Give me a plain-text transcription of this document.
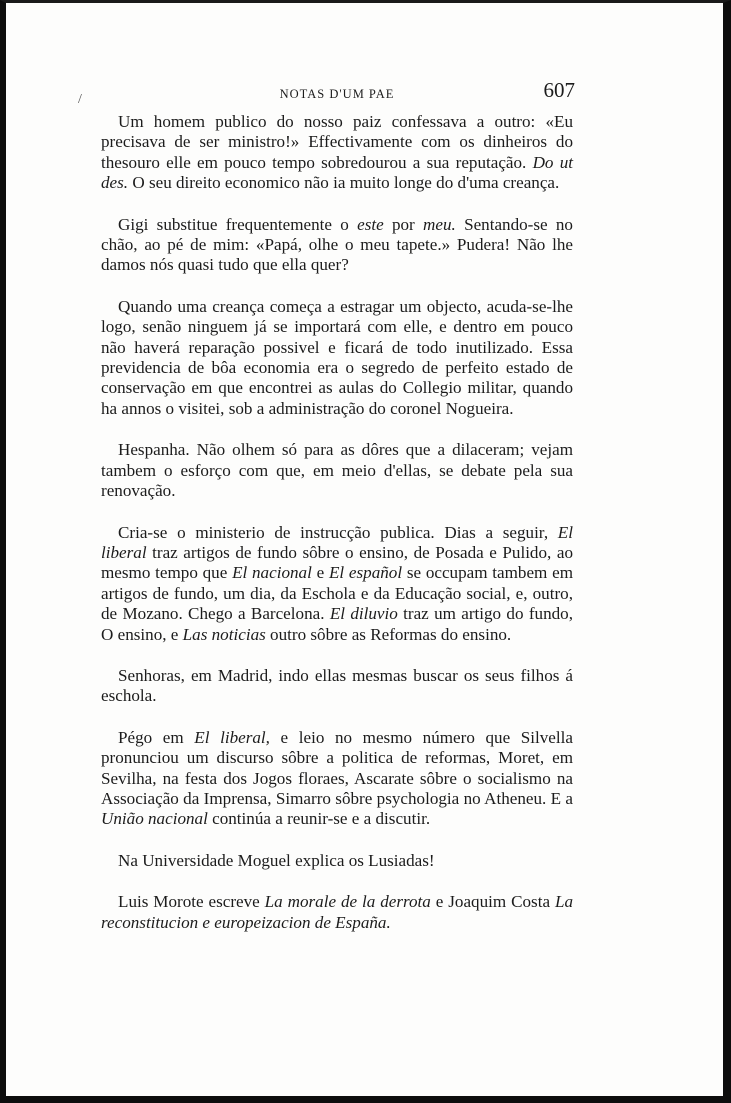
/	NOTAS D'UM PAE	607

Um homem publico do nosso paiz confessava a outro: «Eu precisava de ser ministro!» Effectivamente com os dinheiros do thesouro elle em pouco tempo sobredourou a sua reputação. Do ut des. O seu direito economico não ia muito longe do d'uma creança.

Gigi substitue frequentemente o este por meu. Sentando-se no chão, ao pé de mim: «Papá, olhe o meu tapete.» Pudera! Não lhe damos nós quasi tudo que ella quer?

Quando uma creança começa a estragar um objecto, acuda-se-lhe logo, senão ninguem já se importará com elle, e dentro em pouco não haverá reparação possivel e ficará de todo inutilizado. Essa previdencia de bôa economia era o segredo de perfeito estado de conservação em que encontrei as aulas do Collegio militar, quando ha annos o visitei, sob a administração do coronel Nogueira.

Hespanha. Não olhem só para as dôres que a dilaceram; vejam tambem o esforço com que, em meio d'ellas, se debate pela sua renovação.

Cria-se o ministerio de instrucção publica. Dias a seguir, El liberal traz artigos de fundo sôbre o ensino, de Posada e Pulido, ao mesmo tempo que El nacional e El español se occupam tambem em artigos de fundo, um dia, da Eschola e da Educação social, e, outro, de Mozano. Chego a Barcelona. El diluvio traz um artigo do fundo, O ensino, e Las noticias outro sôbre as Reformas do ensino.

Senhoras, em Madrid, indo ellas mesmas buscar os seus filhos á eschola.

Pégo em El liberal, e leio no mesmo número que Silvella pronunciou um discurso sôbre a politica de reformas, Moret, em Sevilha, na festa dos Jogos floraes, Ascarate sôbre o socialismo na Associação da Imprensa, Simarro sôbre psychologia no Atheneu. E a União nacional continúa a reunir-se e a discutir.

Na Universidade Moguel explica os Lusiadas!

Luis Morote escreve La morale de la derrota e Joaquim Costa La reconstitucion e europeizacion de España.
